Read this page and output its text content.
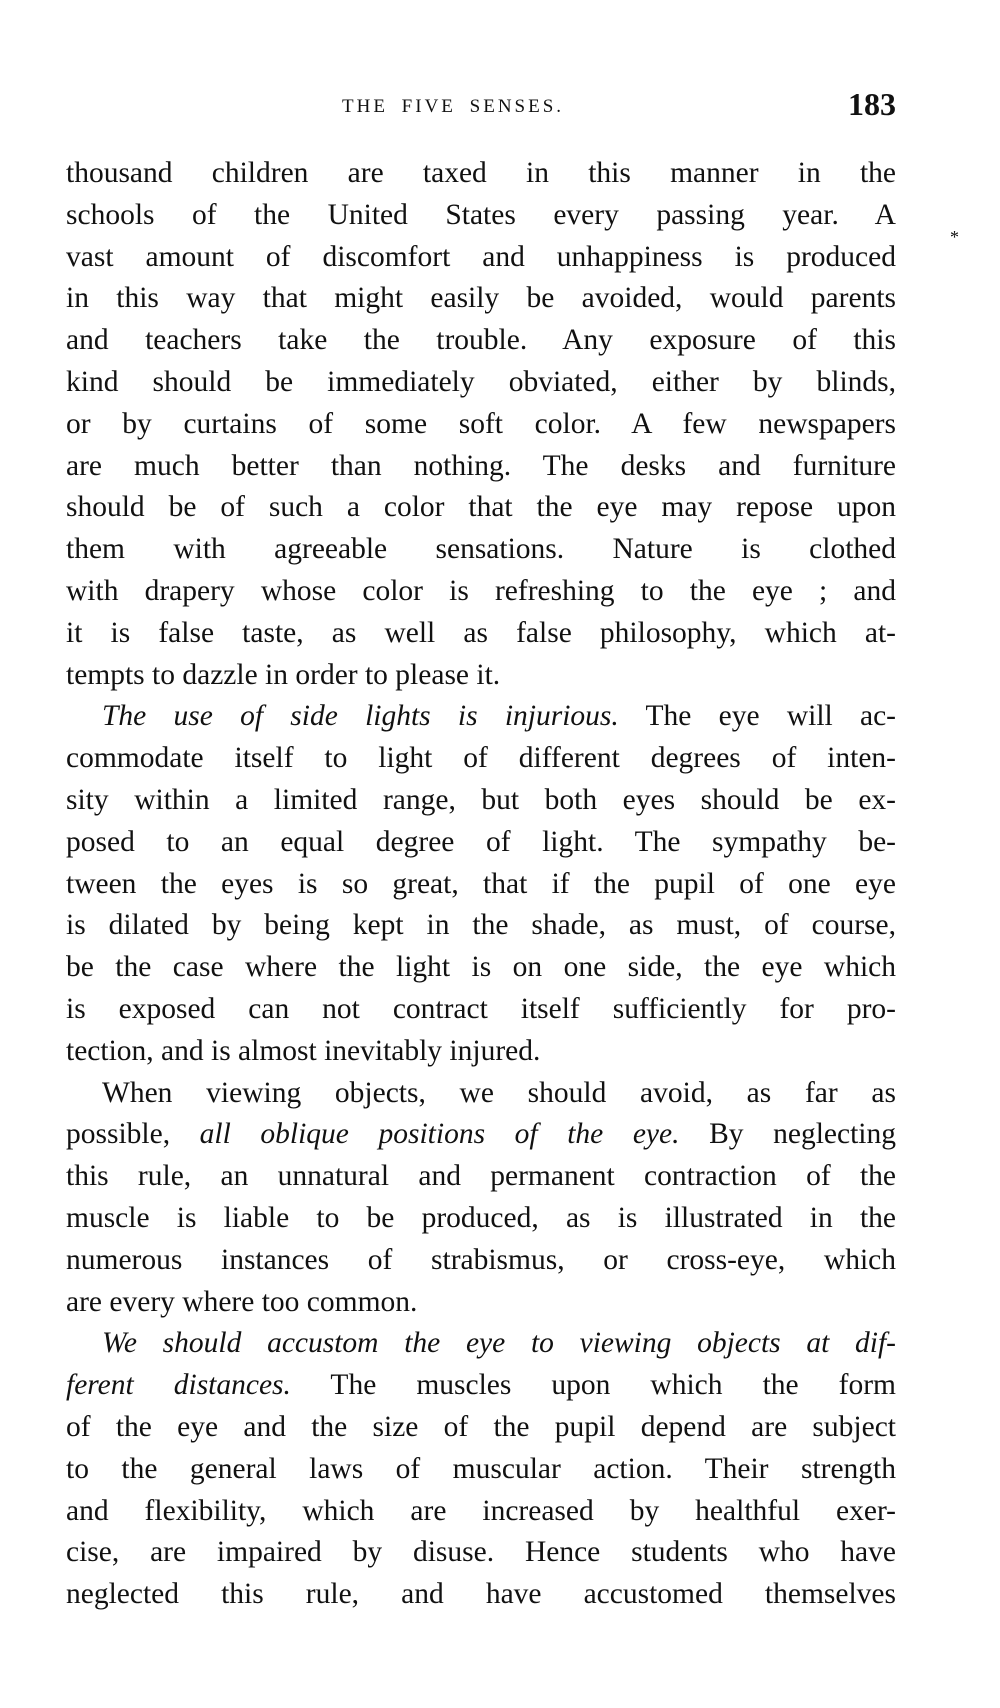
THE FIVE SENSES.	183
*
thousand children are taxed in this manner in the
schools of the United States every passing year. A
vast amount of discomfort and unhappiness is produced
in this way that might easily be avoided, would parents
and teachers take the trouble. Any exposure of this
kind should be immediately obviated, either by blinds,
or by curtains of some soft color. A few newspapers
are much better than nothing. The desks and furniture
should be of such a color that the eye may repose upon
them with agreeable sensations. Nature is clothed
with drapery whose color is refreshing to the eye ; and
it is false taste, as well as false philosophy, which at-
tempts to dazzle in order to please it.
The use of side lights is injurious. The eye will ac-
commodate itself to light of different degrees of inten-
sity within a limited range, but both eyes should be ex-
posed to an equal degree of light. The sympathy be-
tween the eyes is so great, that if the pupil of one eye
is dilated by being kept in the shade, as must, of course,
be the case where the light is on one side, the eye which
is exposed can not contract itself sufficiently for pro-
tection, and is almost inevitably injured.
When viewing objects, we should avoid, as far as
possible, all oblique positions of the eye. By neglecting
this rule, an unnatural and permanent contraction of the
muscle is liable to be produced, as is illustrated in the
numerous instances of strabismus, or cross-eye, which
are every where too common.
We should accustom the eye to viewing objects at dif-
ferent distances. The muscles upon which the form
of the eye and the size of the pupil depend are subject
to the general laws of muscular action. Their strength
and flexibility, which are increased by healthful exer-
cise, are impaired by disuse. Hence students who have
neglected this rule, and have accustomed themselves
